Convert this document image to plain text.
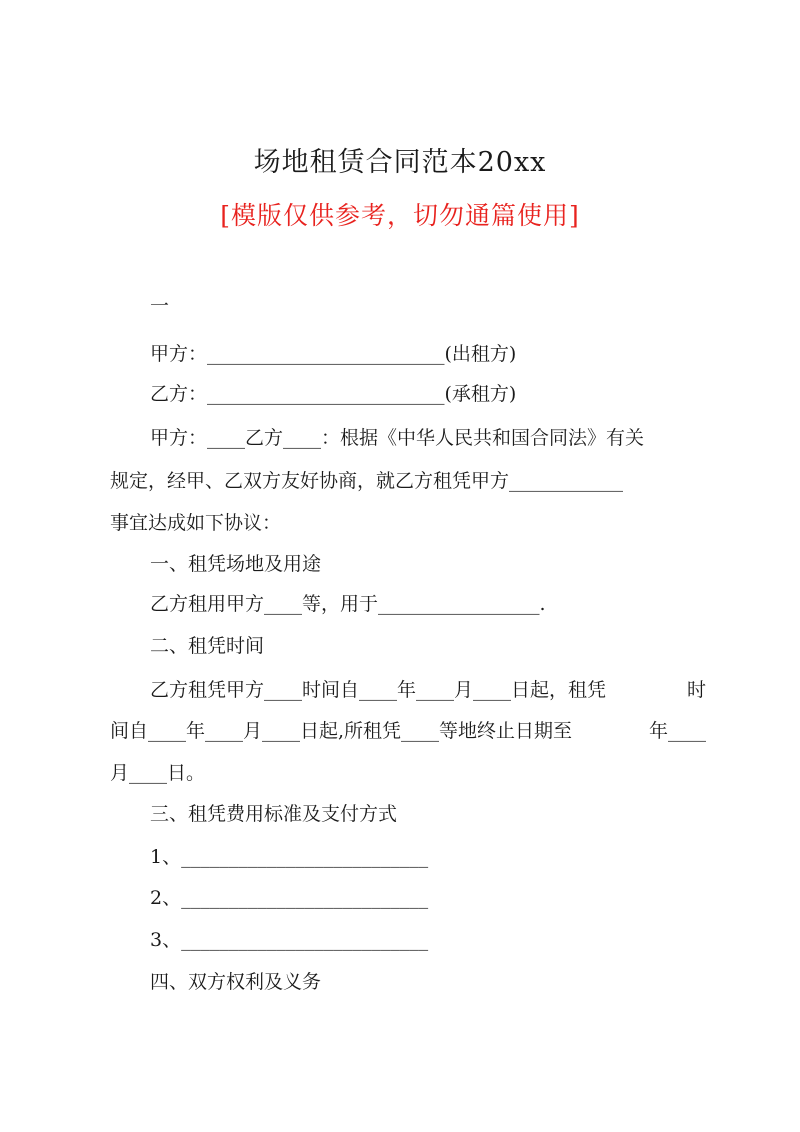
场地租赁合同范本20xx
[模版仅供参考，切勿通篇使用]
一
甲方：_________________________(出租方)
乙方：_________________________(承租方)
甲方：____乙方____：根据《中华人民共和国合同法》有关
规定，经甲、乙双方友好协商，就乙方租凭甲方____________
事宜达成如下协议：
一、租凭场地及用途
乙方租用甲方____等，用于_________________.
二、租凭时间
乙方租凭甲方____时间自____年____月____日起，租凭	时
间自____年____月____日起,所租凭____等地终止日期至	年____
月____日。
三、租凭费用标准及支付方式
1、__________________________
2、__________________________
3、__________________________
四、双方权利及义务
